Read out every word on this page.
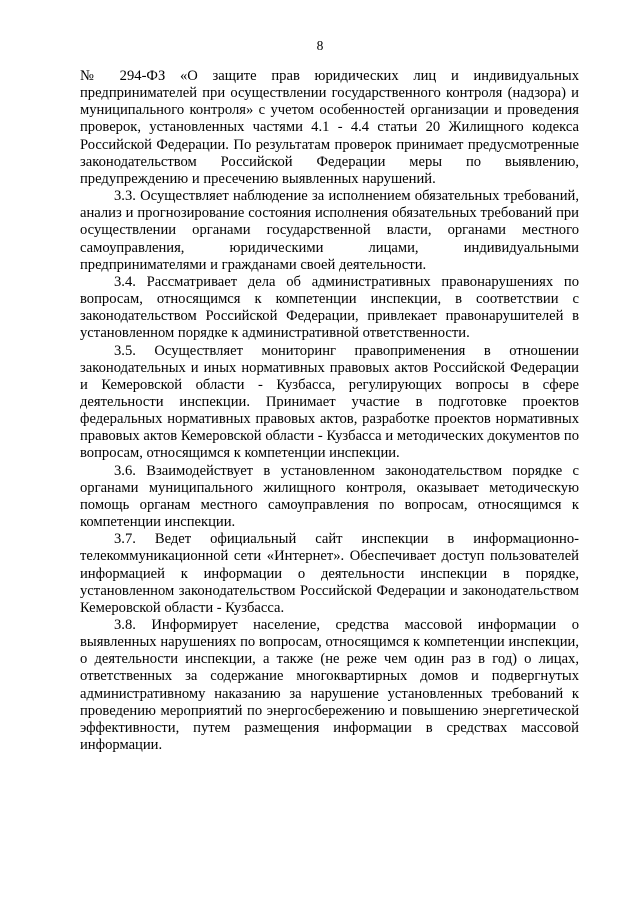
8

№ 294-ФЗ «О защите прав юридических лиц и индивидуальных предпринимателей при осуществлении государственного контроля (надзора) и муниципального контроля» с учетом особенностей организации и проведения проверок, установленных частями 4.1 - 4.4 статьи 20 Жилищного кодекса Российской Федерации. По результатам проверок принимает предусмотренные законодательством Российской Федерации меры по выявлению, предупреждению и пресечению выявленных нарушений.

3.3. Осуществляет наблюдение за исполнением обязательных требований, анализ и прогнозирование состояния исполнения обязательных требований при осуществлении органами государственной власти, органами местного самоуправления, юридическими лицами, индивидуальными предпринимателями и гражданами своей деятельности.

3.4. Рассматривает дела об административных правонарушениях по вопросам, относящимся к компетенции инспекции, в соответствии с законодательством Российской Федерации, привлекает правонарушителей в установленном порядке к административной ответственности.

3.5. Осуществляет мониторинг правоприменения в отношении законодательных и иных нормативных правовых актов Российской Федерации и Кемеровской области - Кузбасса, регулирующих вопросы в сфере деятельности инспекции. Принимает участие в подготовке проектов федеральных нормативных правовых актов, разработке проектов нормативных правовых актов Кемеровской области - Кузбасса и методических документов по вопросам, относящимся к компетенции инспекции.

3.6. Взаимодействует в установленном законодательством порядке с органами муниципального жилищного контроля, оказывает методическую помощь органам местного самоуправления по вопросам, относящимся к компетенции инспекции.

3.7. Ведет официальный сайт инспекции в информационно-телекоммуникационной сети «Интернет». Обеспечивает доступ пользователей информацией к информации о деятельности инспекции в порядке, установленном законодательством Российской Федерации и законодательством Кемеровской области - Кузбасса.

3.8. Информирует население, средства массовой информации о выявленных нарушениях по вопросам, относящимся к компетенции инспекции, о деятельности инспекции, а также (не реже чем один раз в год) о лицах, ответственных за содержание многоквартирных домов и подвергнутых административному наказанию за нарушение установленных требований к проведению мероприятий по энергосбережению и повышению энергетической эффективности, путем размещения информации в средствах массовой информации.
